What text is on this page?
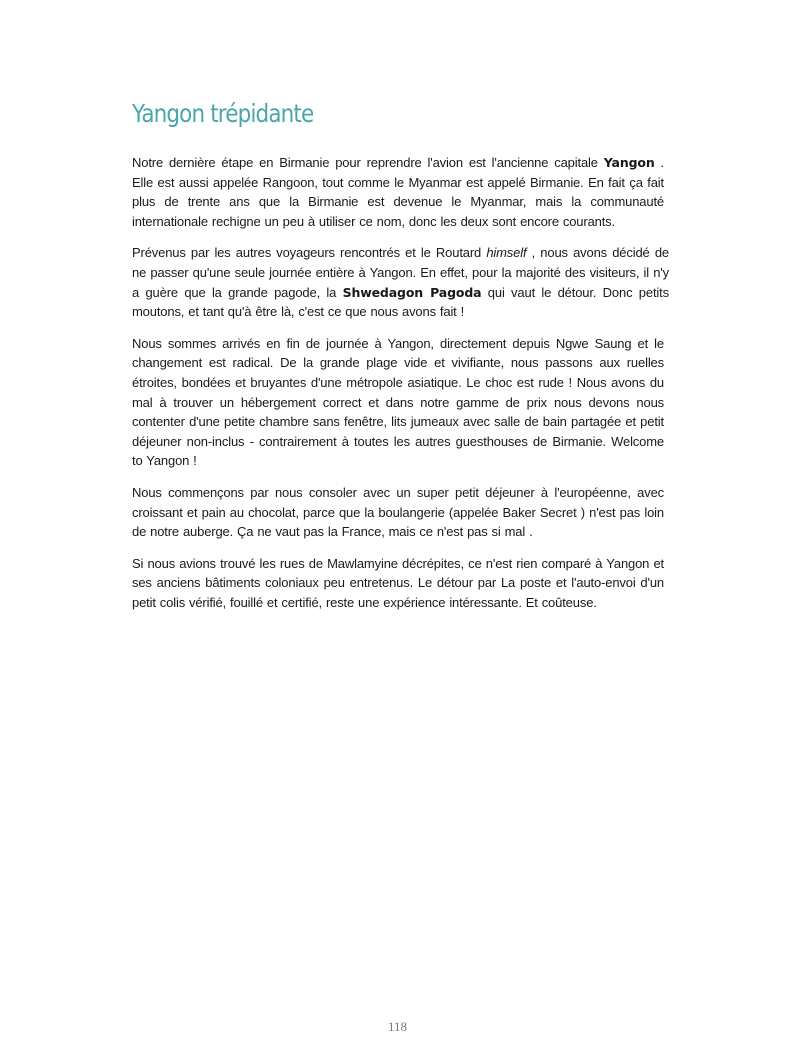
Yangon trépidante

Notre dernière étape en Birmanie pour reprendre l'avion est l'ancienne capitale Yangon . Elle est aussi appelée Rangoon, tout comme le Myanmar est appelé Birmanie. En fait ça fait plus de trente ans que la Birmanie est devenue le Myanmar, mais la communauté internationale rechigne un peu à utiliser ce nom, donc les deux sont encore courants.

Prévenus par les autres voyageurs rencontrés et le Routard himself , nous avons décidé de ne passer qu'une seule journée entière à Yangon. En effet, pour la majorité des visiteurs, il n'y a guère que la grande pagode, la Shwedagon Pagoda qui vaut le détour. Donc petits moutons, et tant qu'à être là, c'est ce que nous avons fait !

Nous sommes arrivés en fin de journée à Yangon, directement depuis Ngwe Saung et le changement est radical. De la grande plage vide et vivifiante, nous passons aux ruelles étroites, bondées et bruyantes d'une métropole asiatique. Le choc est rude ! Nous avons du mal à trouver un hébergement correct et dans notre gamme de prix nous devons nous contenter d'une petite chambre sans fenêtre, lits jumeaux avec salle de bain partagée et petit déjeuner non-inclus - contrairement à toutes les autres guesthouses de Birmanie. Welcome to Yangon !

Nous commençons par nous consoler avec un super petit déjeuner à l'européenne, avec croissant et pain au chocolat, parce que la boulangerie (appelée Baker Secret ) n'est pas loin de notre auberge. Ça ne vaut pas la France, mais ce n'est pas si mal .

Si nous avions trouvé les rues de Mawlamyine décrépites, ce n'est rien comparé à Yangon et ses anciens bâtiments coloniaux peu entretenus. Le détour par La poste et l'auto-envoi d'un petit colis vérifié, fouillé et certifié, reste une expérience intéressante. Et coûteuse.

118
